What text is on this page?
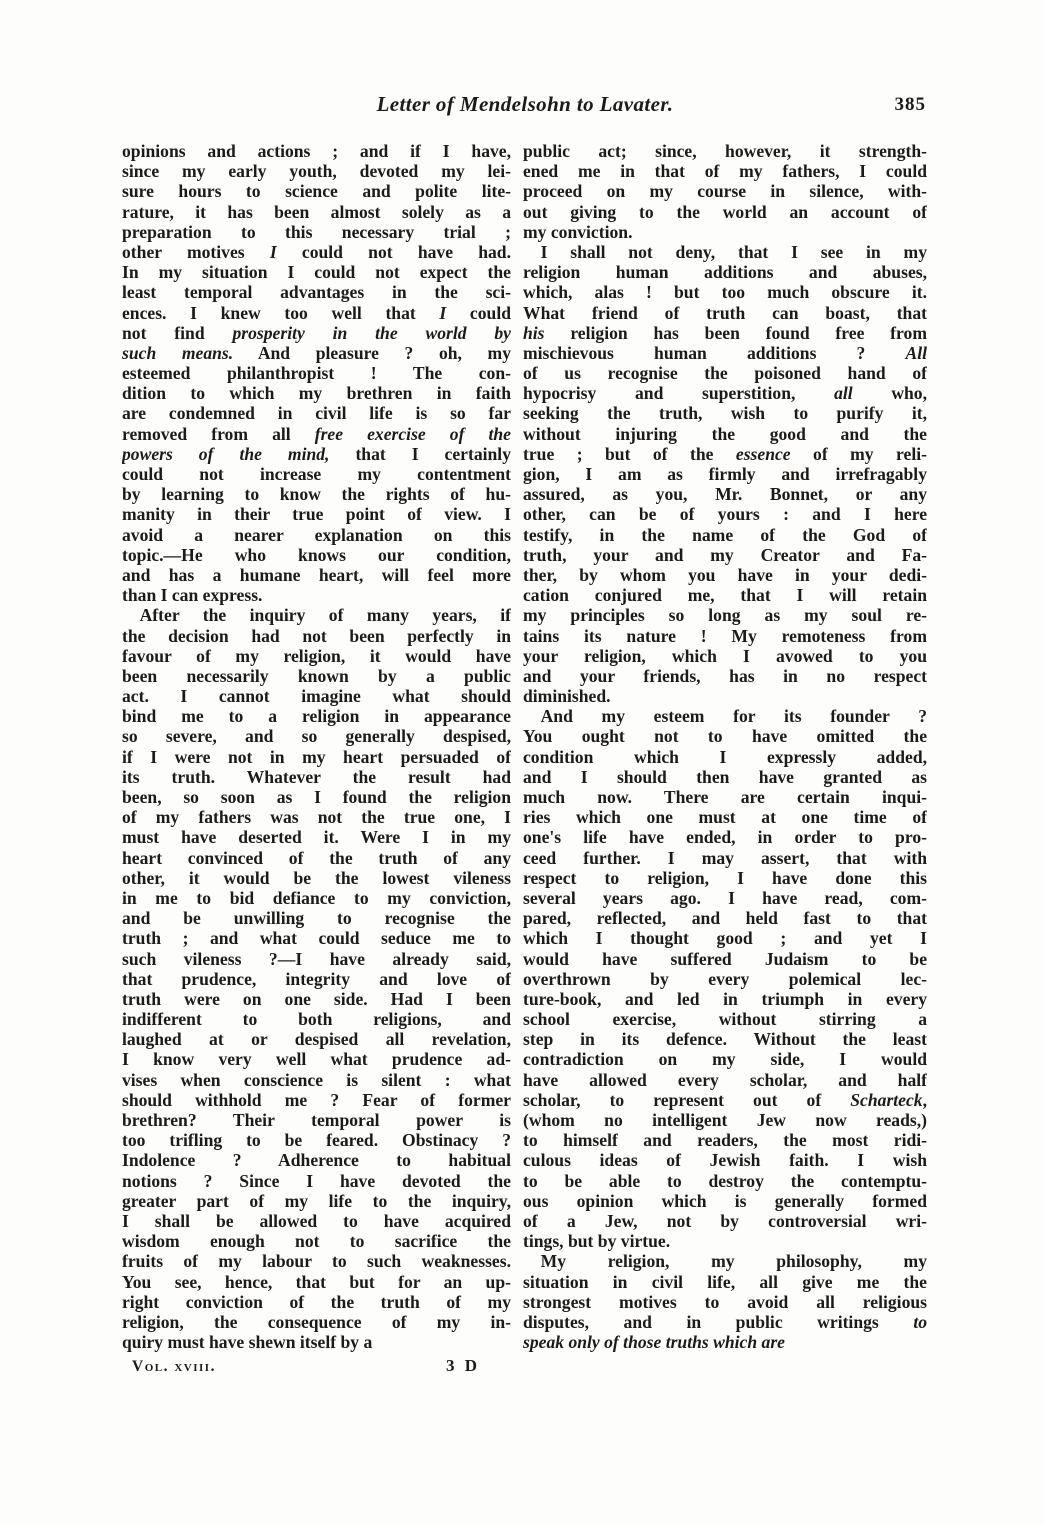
Letter of Mendelsohn to Lavater.	385
opinions and actions ; and if I have,
since my early youth, devoted my lei-
sure hours to science and polite lite-
rature, it has been almost solely as a
preparation to this necessary trial ;
other motives I could not have had.
In my situation I could not expect the
least temporal advantages in the sci-
ences. I knew too well that I could
not find prosperity in the world by
such means. And pleasure ? oh, my
esteemed philanthropist ! The con-
dition to which my brethren in faith
are condemned in civil life is so far
removed from all free exercise of the
powers of the mind, that I certainly
could not increase my contentment
by learning to know the rights of hu-
manity in their true point of view. I
avoid a nearer explanation on this
topic.—He who knows our condition,
and has a humane heart, will feel more
than I can express.
 After the inquiry of many years, if
the decision had not been perfectly in
favour of my religion, it would have
been necessarily known by a public
act. I cannot imagine what should
bind me to a religion in appearance
so severe, and so generally despised,
if I were not in my heart persuaded of
its truth. Whatever the result had
been, so soon as I found the religion
of my fathers was not the true one, I
must have deserted it. Were I in my
heart convinced of the truth of any
other, it would be the lowest vileness
in me to bid defiance to my conviction,
and be unwilling to recognise the
truth ; and what could seduce me to
such vileness ?—I have already said,
that prudence, integrity and love of
truth were on one side. Had I been
indifferent to both religions, and
laughed at or despised all revelation,
I know very well what prudence ad-
vises when conscience is silent : what
should withhold me ? Fear of former
brethren? Their temporal power is
too trifling to be feared. Obstinacy ?
Indolence ? Adherence to habitual
notions ? Since I have devoted the
greater part of my life to the inquiry,
I shall be allowed to have acquired
wisdom enough not to sacrifice the
fruits of my labour to such weaknesses.
You see, hence, that but for an up-
right conviction of the truth of my
religion, the consequence of my in-
quiry must have shewn itself by a
public act; since, however, it strength-
ened me in that of my fathers, I could
proceed on my course in silence, with-
out giving to the world an account of
my conviction.
 I shall not deny, that I see in my
religion human additions and abuses,
which, alas ! but too much obscure it.
What friend of truth can boast, that
his religion has been found free from
mischievous human additions ? All
of us recognise the poisoned hand of
hypocrisy and superstition, all who,
seeking the truth, wish to purify it,
without injuring the good and the
true ; but of the essence of my reli-
gion, I am as firmly and irrefragably
assured, as you, Mr. Bonnet, or any
other, can be of yours : and I here
testify, in the name of the God of
truth, your and my Creator and Fa-
ther, by whom you have in your dedi-
cation conjured me, that I will retain
my principles so long as my soul re-
tains its nature ! My remoteness from
your religion, which I avowed to you
and your friends, has in no respect
diminished.
 And my esteem for its founder ?
You ought not to have omitted the
condition which I expressly added,
and I should then have granted as
much now. There are certain inqui-
ries which one must at one time of
one's life have ended, in order to pro-
ceed further. I may assert, that with
respect to religion, I have done this
several years ago. I have read, com-
pared, reflected, and held fast to that
which I thought good ; and yet I
would have suffered Judaism to be
overthrown by every polemical lec-
ture-book, and led in triumph in every
school exercise, without stirring a
step in its defence. Without the least
contradiction on my side, I would
have allowed every scholar, and half
scholar, to represent out of Scharteck,
(whom no intelligent Jew now reads,)
to himself and readers, the most ridi-
culous ideas of Jewish faith. I wish
to be able to destroy the contemptu-
ous opinion which is generally formed
of a Jew, not by controversial wri-
tings, but by virtue.
 My religion, my philosophy, my
situation in civil life, all give me the
strongest motives to avoid all religious
disputes, and in public writings to
speak only of those truths which are
Vol. xviii.	3 D
